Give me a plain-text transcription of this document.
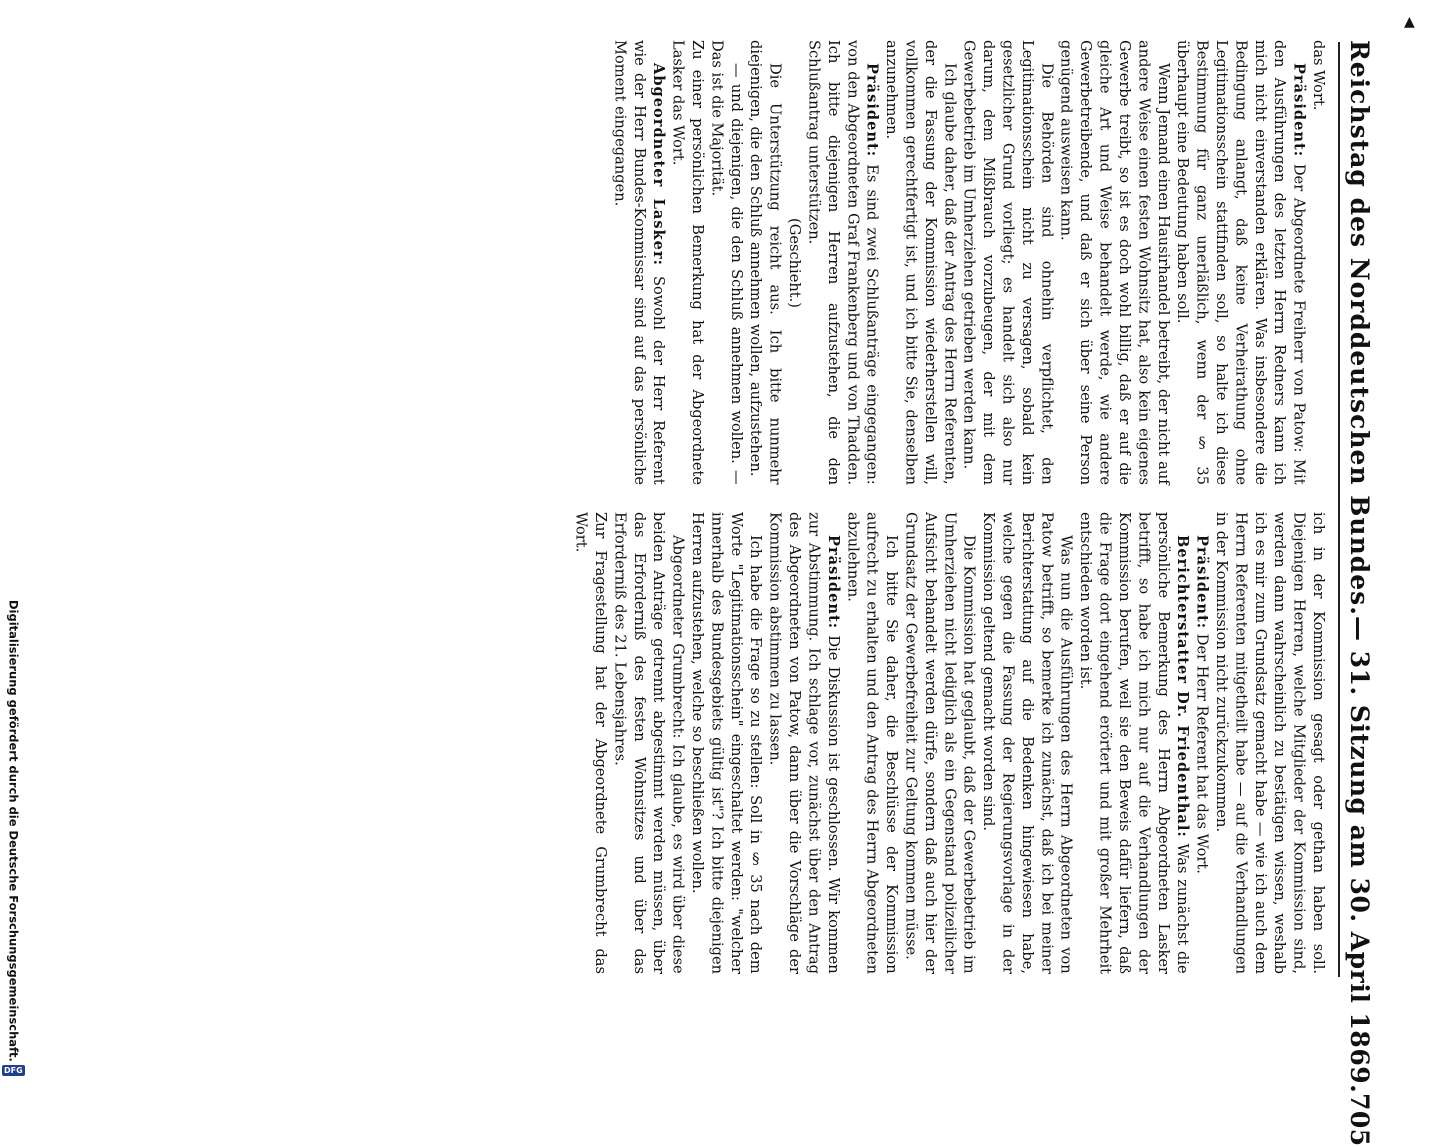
▲
Reichstag des Norddeutschen Bundes.
— 31. Sitzung am 30. April 1869.
705

das Wort.

Präsident: Der Abgeordnete Freiherr von Patow: Mit den Ausführungen des letzten Herrn Redners kann ich mich nicht einverstanden erklären. Was insbesondere die Bedingung anlangt, daß keine Verheirathung ohne Legitimationsschein stattfinden soll, so halte ich diese Bestimmung für ganz unerläßlich, wenn der § 35 überhaupt eine Bedeutung haben soll.

Wenn Jemand einen Hausirhandel betreibt, der nicht auf andere Weise einen festen Wohnsitz hat, also kein eigenes Gewerbe treibt, so ist es doch wohl billig, daß er auf die gleiche Art und Weise behandelt werde, wie andere Gewerbetreibende, und daß er sich über seine Person genügend ausweisen kann.

Die Behörden sind ohnehin verpflichtet, den Legitimationsschein nicht zu versagen, sobald kein gesetzlicher Grund vorliegt; es handelt sich also nur darum, dem Mißbrauch vorzubeugen, der mit dem Gewerbebetrieb im Umherziehen getrieben werden kann.

Ich glaube daher, daß der Antrag des Herrn Referenten, der die Fassung der Kommission wiederherstellen will, vollkommen gerechtfertigt ist, und ich bitte Sie, denselben anzunehmen.

Präsident: Es sind zwei Schlußanträge eingegangen: von den Abgeordneten Graf Frankenberg und von Thadden. Ich bitte diejenigen Herren aufzustehen, die den Schlußantrag unterstützen.

(Geschieht.)

Die Unterstützung reicht aus. Ich bitte nunmehr diejenigen, die den Schluß annehmen wollen, aufzustehen.

— und diejenigen, die den Schluß annehmen wollen. — Das ist die Majorität.

Zu einer persönlichen Bemerkung hat der Abgeordnete Lasker das Wort.

Abgeordneter Lasker: Sowohl der Herr Referent wie der Herr Bundes-Kommissar sind auf das persönliche Moment eingegangen.

ich in der Kommission gesagt oder gethan haben soll. Diejenigen Herren, welche Mitglieder der Kommission sind, werden dann wahrscheinlich zu bestätigen wissen, weshalb ich es mir zum Grundsatz gemacht habe — wie ich auch dem Herrn Referenten mitgetheilt habe — auf die Verhandlungen in der Kommission nicht zurückzukommen.

Präsident: Der Herr Referent hat das Wort.

Berichterstatter Dr. Friedenthal: Was zunächst die persönliche Bemerkung des Herrn Abgeordneten Lasker betrifft, so habe ich mich nur auf die Verhandlungen der Kommission berufen, weil sie den Beweis dafür liefern, daß die Frage dort eingehend erörtert und mit großer Mehrheit entschieden worden ist.

Was nun die Ausführungen des Herrn Abgeordneten von Patow betrifft, so bemerke ich zunächst, daß ich bei meiner Berichterstattung auf die Bedenken hingewiesen habe, welche gegen die Fassung der Regierungsvorlage in der Kommission geltend gemacht worden sind.

Die Kommission hat geglaubt, daß der Gewerbebetrieb im Umherziehen nicht lediglich als ein Gegenstand polizeilicher Aufsicht behandelt werden dürfe, sondern daß auch hier der Grundsatz der Gewerbefreiheit zur Geltung kommen müsse.

Ich bitte Sie daher, die Beschlüsse der Kommission aufrecht zu erhalten und den Antrag des Herrn Abgeordneten abzulehnen.

Präsident: Die Diskussion ist geschlossen. Wir kommen zur Abstimmung. Ich schlage vor, zunächst über den Antrag des Abgeordneten von Patow, dann über die Vorschläge der Kommission abstimmen zu lassen.

Ich habe die Frage so zu stellen: Soll in § 35 nach dem Worte "Legitimationsschein" eingeschaltet werden: "welcher innerhalb des Bundesgebiets gültig ist"? Ich bitte diejenigen Herren aufzustehen, welche so beschließen wollen.

Abgeordneter Grumbrecht: Ich glaube, es wird über diese beiden Anträge getrennt abgestimmt werden müssen, über das Erforderniß des festen Wohnsitzes und über das Erforderniß des 21. Lebensjahres.

Zur Fragestellung hat der Abgeordnete Grumbrecht das Wort.

Digitalisierung gefördert durch die Deutsche Forschungsgemeinschaft.
DFG
